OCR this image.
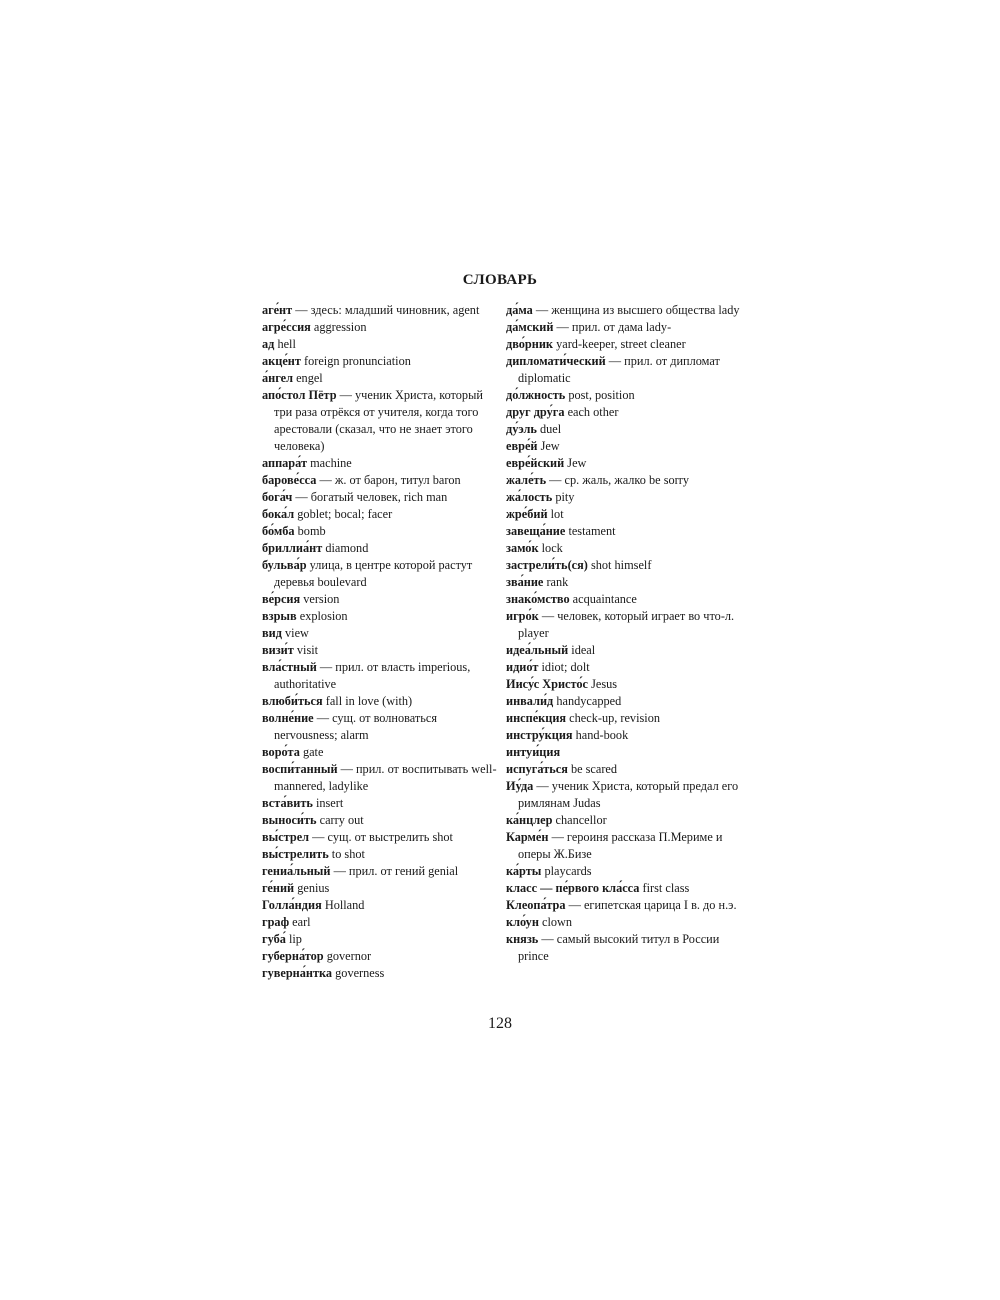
СЛОВАРЬ
аге́нт — здесь: младший чиновник, agent
агре́ссия aggression
ад hell
акце́нт foreign pronunciation
а́нгел engel
апо́стол Пётр — ученик Христа, который три раза отрёкся от учителя, когда того арестовали (сказал, что не знает этого человека)
аппара́т machine
барове́сса — ж. от барон, титул baron
бога́ч — богатый человек, rich man
бока́л goblet; bocal; facer
бо́мба bomb
бриллиа́нт diamond
бульва́р улица, в центре которой растут деревья boulevard
ве́рсия version
взрыв explosion
вид view
визи́т visit
вла́стный — прил. от власть imperious, authoritative
влюби́ться fall in love (with)
волне́ние — сущ. от волноваться nervousness; alarm
воро́та gate
воспи́танный — прил. от воспитывать well-mannered, ladylike
вста́вить insert
выноси́ть carry out
вы́стрел — сущ. от выстрелить shot
вы́стрелить to shot
гениа́льный — прил. от гений genial
ге́ний genius
Голла́ндия Holland
граф earl
губа́ lip
губерна́тор governor
гуверна́нтка governess
да́ма — женщина из высшего общества lady
да́мский — прил. от дама lady-
дво́рник yard-keeper, street cleaner
дипломати́ческий — прил. от дипломат diplomatic
до́лжность post, position
друг дру́га each other
ду́эль duel
евре́й Jew
евре́йский Jew
жале́ть — ср. жаль, жалко be sorry
жа́лость pity
жре́бий lot
завеща́ние testament
замо́к lock
застрели́ть(ся) shot himself
зва́ние rank
знако́мство acquaintance
игро́к — человек, который играет во что-л. player
идеа́льный ideal
идио́т idiot; dolt
Иису́с Христо́с Jesus
инвали́д handycapped
инспе́кция check-up, revision
инстру́кция hand-book
интуи́ция
испуга́ться be scared
Иу́да — ученик Христа, который предал его римлянам Judas
ка́нцлер chancellor
Карме́н — героиня рассказа П.Мериме и оперы Ж.Бизе
ка́рты playcards
класс — пе́рвого кла́сса first class
Клеопа́тра — египетская царица I в. до н.э.
кло́ун clown
князь — самый высокий титул в России prince
128
